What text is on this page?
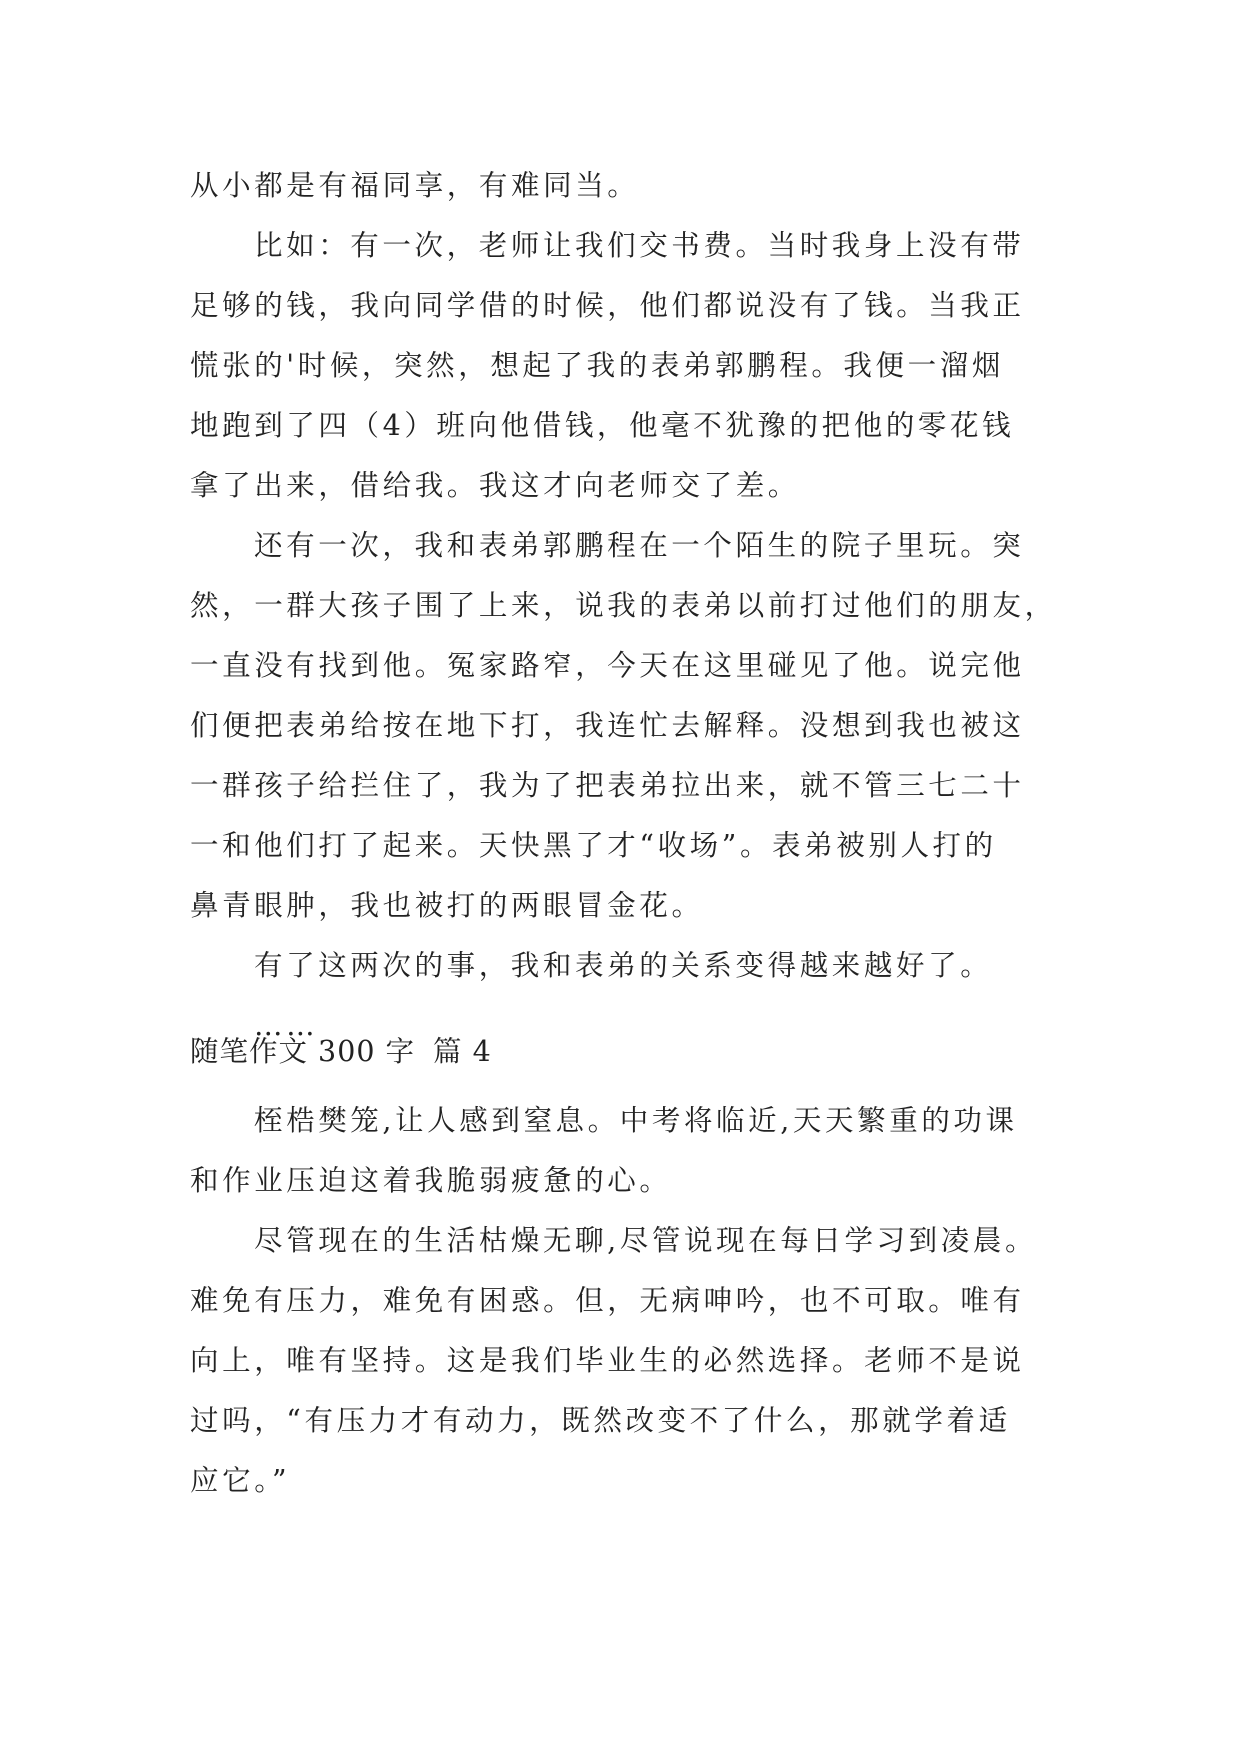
从小都是有福同享，有难同当。
比如：有一次，老师让我们交书费。当时我身上没有带
足够的钱，我向同学借的时候，他们都说没有了钱。当我正
慌张的'时候，突然，想起了我的表弟郭鹏程。我便一溜烟
地跑到了四（4）班向他借钱，他毫不犹豫的把他的零花钱
拿了出来，借给我。我这才向老师交了差。
还有一次，我和表弟郭鹏程在一个陌生的院子里玩。突
然，一群大孩子围了上来，说我的表弟以前打过他们的朋友，
一直没有找到他。冤家路窄，今天在这里碰见了他。说完他
们便把表弟给按在地下打，我连忙去解释。没想到我也被这
一群孩子给拦住了，我为了把表弟拉出来，就不管三七二十
一和他们打了起来。天快黑了才“收场”。表弟被别人打的
鼻青眼肿，我也被打的两眼冒金花。
有了这两次的事，我和表弟的关系变得越来越好了。
……
随笔作文 300 字 篇 4
桎梏樊笼,让人感到窒息。中考将临近,天天繁重的功课
和作业压迫这着我脆弱疲惫的心。
尽管现在的生活枯燥无聊,尽管说现在每日学习到凌晨。
难免有压力，难免有困惑。但，无病呻吟，也不可取。唯有
向上，唯有坚持。这是我们毕业生的必然选择。老师不是说
过吗，“有压力才有动力，既然改变不了什么，那就学着适
应它。”
